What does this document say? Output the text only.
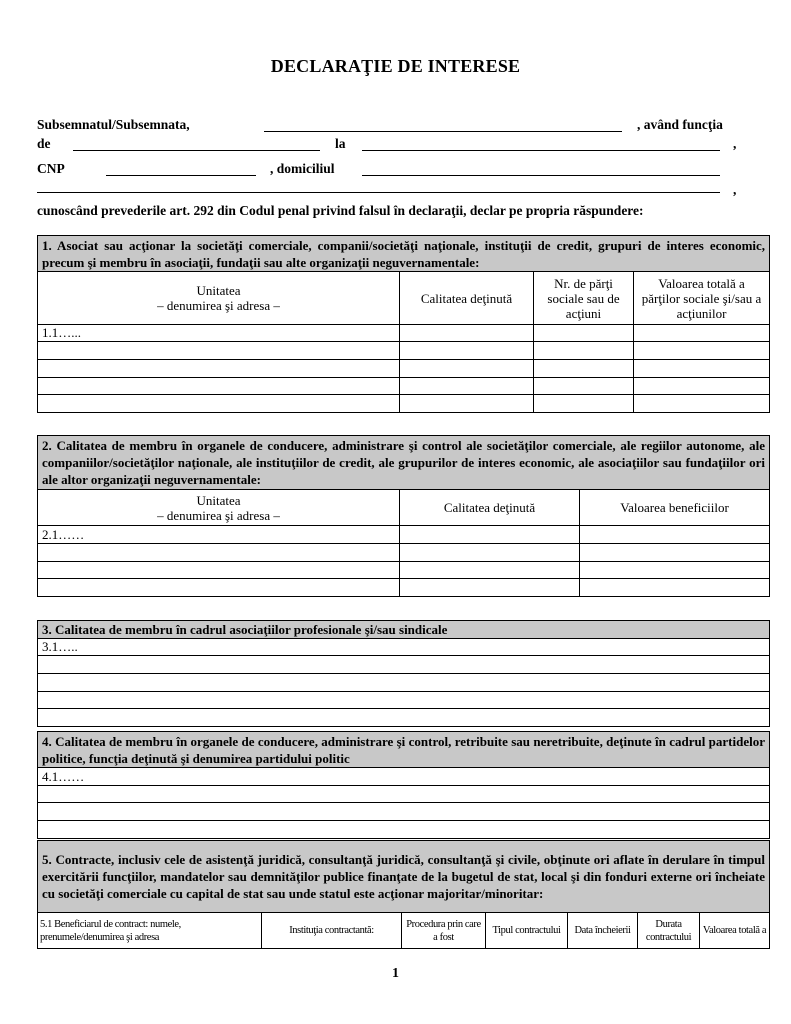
DECLARAŢIE DE INTERESE
Subsemnatul/Subsemnata,	, având funcţia
de	la	,
CNP	, domiciliul
,
cunoscând prevederile art. 292 din Codul penal privind falsul în declaraţii, declar pe propria răspundere:
1. Asociat sau acţionar la societăţi comerciale, companii/societăţi naţionale, instituţii de credit, grupuri de interes economic, precum şi membru în asociaţii, fundaţii sau alte organizaţii neguvernamentale:			

Unitatea
– denumirea şi adresa –	Calitatea deţinută	Nr. de părţi sociale sau de acţiuni	Valoarea totală a părţilor sociale şi/sau a acţiunilor
1.1…...			

2. Calitatea de membru în organele de conducere, administrare şi control ale societăţilor comerciale, ale regiilor autonome, ale companiilor/societăţilor naţionale, ale instituţiilor de credit, ale grupurilor de interes economic, ale asociaţiilor sau fundaţiilor ori ale altor organizaţii neguvernamentale:		

Unitatea
– denumirea şi adresa –	Calitatea deţinută	Valoarea beneficiilor
2.1……		

3. Calitatea de membru în cadrul asociaţiilor profesionale şi/sau sindicale
3.1…..

4. Calitatea de membru în organele de conducere, administrare şi control, retribuite sau neretribuite, deţinute în cadrul partidelor politice, funcţia deţinută şi denumirea partidului politic
4.1……

5. Contracte, inclusiv cele de asistenţă juridică, consultanţă juridică, consultanţă şi civile, obţinute ori aflate în derulare în timpul exercitării funcţiilor, mandatelor sau demnităţilor publice finanţate de la bugetul de stat, local şi din fonduri externe ori încheiate cu societăţi comerciale cu capital de stat sau unde statul este acţionar majoritar/minoritar:
5.1 Beneficiarul de contract: numele, prenumele/denumirea şi adresa	Instituţia contractantă:	Procedura prin care a fost	Tipul contractului	Data încheierii	Durata contractului	Valoarea totală a
1
